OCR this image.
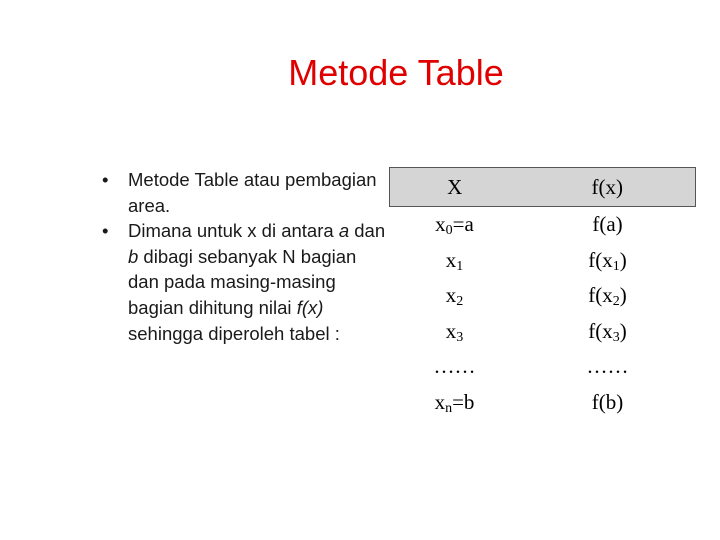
Metode Table
• Metode Table atau pembagian area.
• Dimana untuk x di antara a dan b dibagi sebanyak N bagian dan pada masing-masing bagian dihitung nilai f(x) sehingga diperoleh tabel :
X	f(x)
$x_0=a$	f(a)
$x_1$	$f(x_1)$
$x_2$	$f(x_2)$
$x_3$	$f(x_3)$
……	……
$x_n=b$	f(b)
